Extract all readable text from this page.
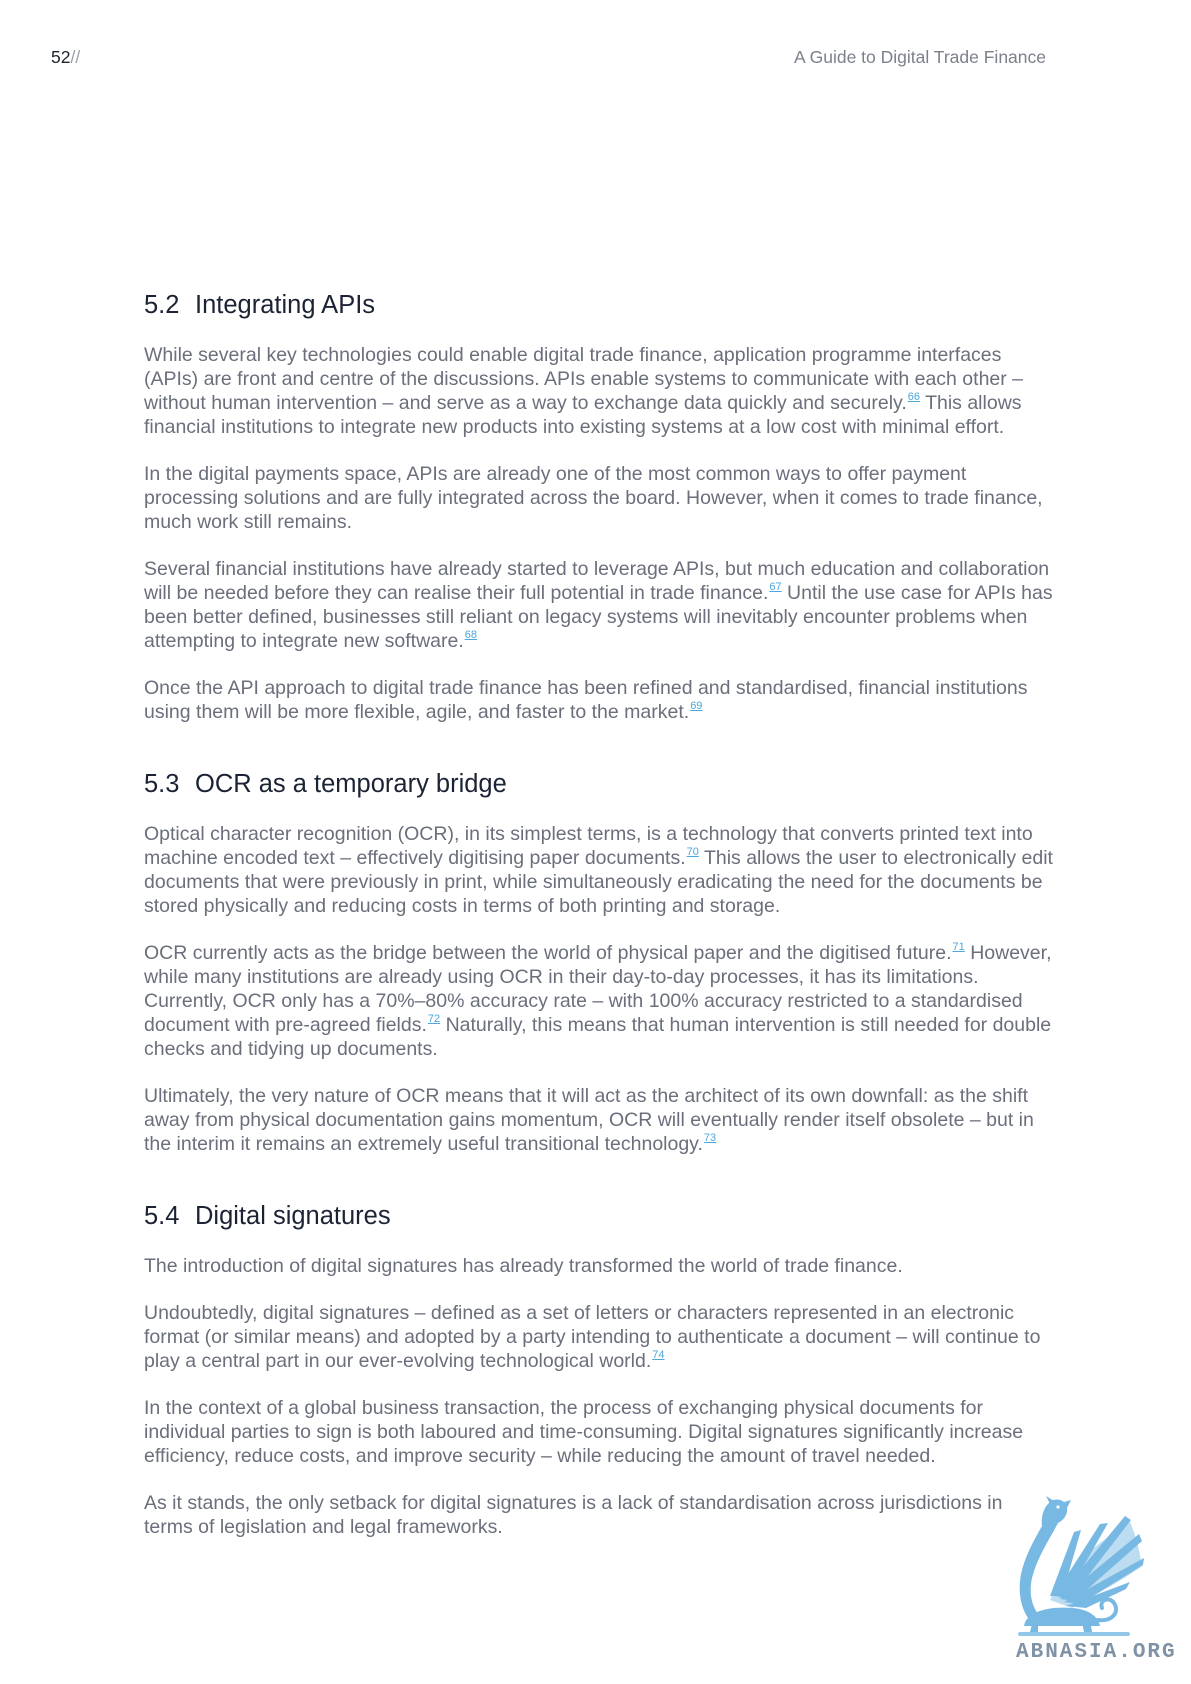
52//	A Guide to Digital Trade Finance
5.2 Integrating APIs

While several key technologies could enable digital trade finance, application programme interfaces (APIs) are front and centre of the discussions. APIs enable systems to communicate with each other – without human intervention – and serve as a way to exchange data quickly and securely.$^{66}$ This allows financial institutions to integrate new products into existing systems at a low cost with minimal effort.

In the digital payments space, APIs are already one of the most common ways to offer payment processing solutions and are fully integrated across the board. However, when it comes to trade finance, much work still remains.

Several financial institutions have already started to leverage APIs, but much education and collaboration will be needed before they can realise their full potential in trade finance.$^{67}$ Until the use case for APIs has been better defined, businesses still reliant on legacy systems will inevitably encounter problems when attempting to integrate new software.$^{68}$

Once the API approach to digital trade finance has been refined and standardised, financial institutions using them will be more flexible, agile, and faster to the market.$^{69}$

5.3 OCR as a temporary bridge

Optical character recognition (OCR), in its simplest terms, is a technology that converts printed text into machine encoded text – effectively digitising paper documents.$^{70}$ This allows the user to electronically edit documents that were previously in print, while simultaneously eradicating the need for the documents be stored physically and reducing costs in terms of both printing and storage.

OCR currently acts as the bridge between the world of physical paper and the digitised future.$^{71}$ However, while many institutions are already using OCR in their day-to-day processes, it has its limitations. Currently, OCR only has a 70%–80% accuracy rate – with 100% accuracy restricted to a standardised document with pre-agreed fields.$^{72}$ Naturally, this means that human intervention is still needed for double checks and tidying up documents.

Ultimately, the very nature of OCR means that it will act as the architect of its own downfall: as the shift away from physical documentation gains momentum, OCR will eventually render itself obsolete – but in the interim it remains an extremely useful transitional technology.$^{73}$

5.4 Digital signatures

The introduction of digital signatures has already transformed the world of trade finance.

Undoubtedly, digital signatures – defined as a set of letters or characters represented in an electronic format (or similar means) and adopted by a party intending to authenticate a document – will continue to play a central part in our ever-evolving technological world.$^{74}$

In the context of a global business transaction, the process of exchanging physical documents for individual parties to sign is both laboured and time-consuming. Digital signatures significantly increase efficiency, reduce costs, and improve security – while reducing the amount of travel needed.

As it stands, the only setback for digital signatures is a lack of standardisation across jurisdictions in terms of legislation and legal frameworks.

ABNASIA.ORG
